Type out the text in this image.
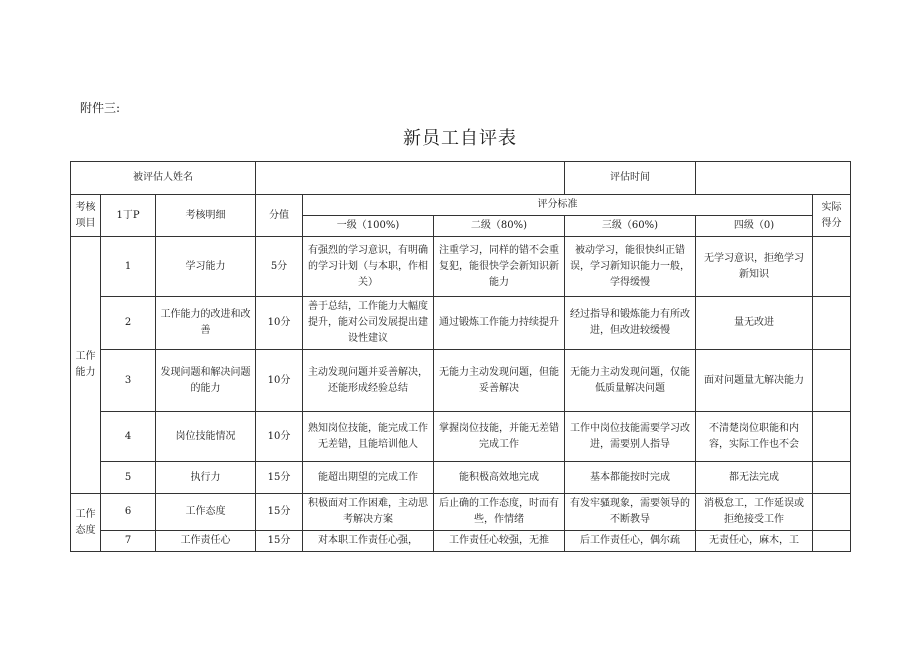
附件三:
新员工自评表
被评估人姓名						评估时间		
考核项目	1丁P	考核明细	分值	评分标准				实际得分
				一级（100%)	二级（80%)	三级（60%)	四级（0)	
工作能力	1	学习能力	5分	有强烈的学习意识，有明确的学习计划（与本职，作相关）	注重学习，同样的错不会重复犯，能很快学会新知识新能力	被动学习，能很快纠正错误，学习新知识能力一般，学得缓慢	无学习意识，拒绝学习新知识	
	2	工作能力的改进和改善	10分	善于总结，工作能力大幅度提升，能对公司发展提出建设性建议	通过锻炼工作能力持续提升	经过指导和锻炼能力有所改进，但改进较缓慢	量无改进	
	3	发现问题和解决问题的能力	10分	主动发现问题并妥善解决，还能形成经验总结	无能力主动发现问题，但能妥善解决	无能力主动发现问题，仅能低质量解决问题	面对问题量尢解决能力	
	4	岗位技能情况	10分	熟知岗位技能，能完成工作无差错，且能培训他人	掌握岗位技能，并能无差错完成工作	工作中岗位技能需要学习改进，需要别人指导	不清楚岗位职能和内容，实际工作也不会	
	5	执行力	15分	能超出期望的完成工作	能积极高效地完成	基本都能按时完成	都无法完成	
工作态度	6	工作态度	15分	积极面对工作困难，主动思考解决方案	后止确的工作态度，时而有些，作情绪	有发牢骚现象，需要领导的不断教导	消极怠工，工作延误或拒绝接受工作	
	7	工作责任心	15分	对本职工作责任心强，	工作责任心较强，无推	后工作责任心，偶尔疏	无责任心，麻木，工	
